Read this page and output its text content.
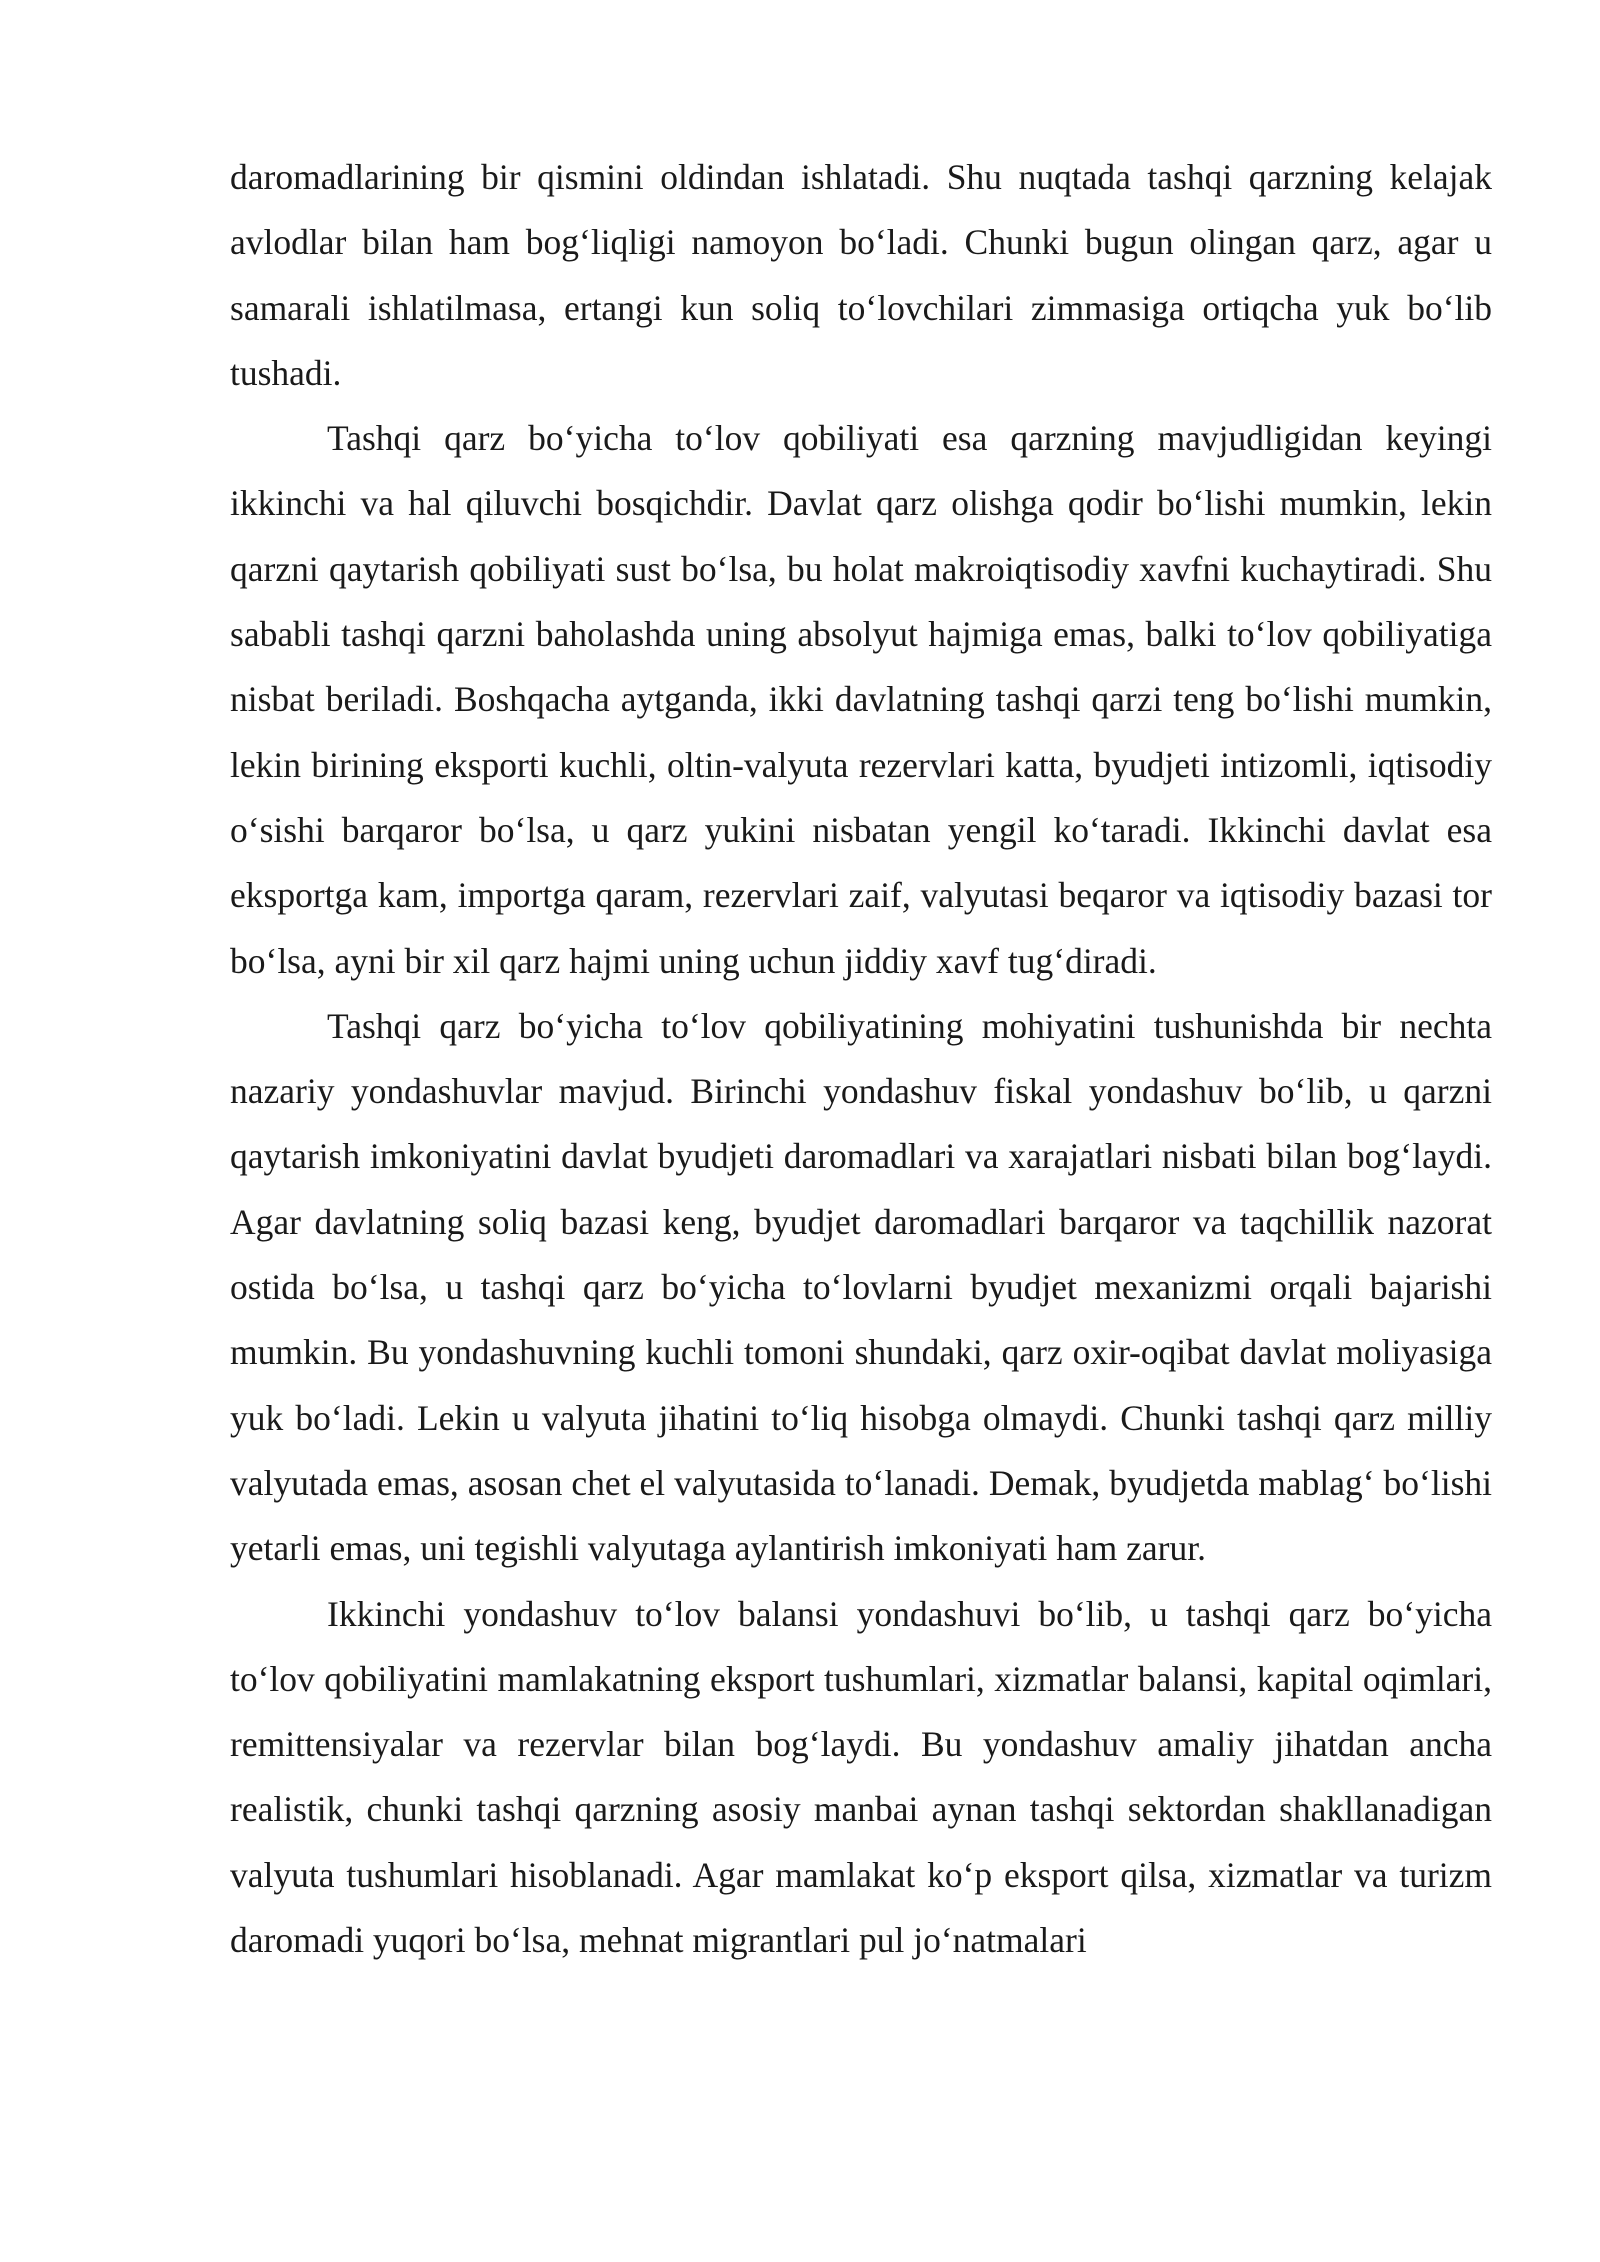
daromadlarining bir qismini oldindan ishlatadi. Shu nuqtada tashqi qarzning kelajak avlodlar bilan ham bog‘liqligi namoyon bo‘ladi. Chunki bugun olingan qarz, agar u samarali ishlatilmasa, ertangi kun soliq to‘lovchilari zimmasiga ortiqcha yuk bo‘lib tushadi.

Tashqi qarz bo‘yicha to‘lov qobiliyati esa qarzning mavjudligidan keyingi ikkinchi va hal qiluvchi bosqichdir. Davlat qarz olishga qodir bo‘lishi mumkin, lekin qarzni qaytarish qobiliyati sust bo‘lsa, bu holat makroiqtisodiy xavfni kuchaytiradi. Shu sababli tashqi qarzni baholashda uning absolyut hajmiga emas, balki to‘lov qobiliyatiga nisbat beriladi. Boshqacha aytganda, ikki davlatning tashqi qarzi teng bo‘lishi mumkin, lekin birining eksporti kuchli, oltin-valyuta rezervlari katta, byudjeti intizomli, iqtisodiy o‘sishi barqaror bo‘lsa, u qarz yukini nisbatan yengil ko‘taradi. Ikkinchi davlat esa eksportga kam, importga qaram, rezervlari zaif, valyutasi beqaror va iqtisodiy bazasi tor bo‘lsa, ayni bir xil qarz hajmi uning uchun jiddiy xavf tug‘diradi.

Tashqi qarz bo‘yicha to‘lov qobiliyatining mohiyatini tushunishda bir nechta nazariy yondashuvlar mavjud. Birinchi yondashuv fiskal yondashuv bo‘lib, u qarzni qaytarish imkoniyatini davlat byudjeti daromadlari va xarajatlari nisbati bilan bog‘laydi. Agar davlatning soliq bazasi keng, byudjet daromadlari barqaror va taqchillik nazorat ostida bo‘lsa, u tashqi qarz bo‘yicha to‘lovlarni byudjet mexanizmi orqali bajarishi mumkin. Bu yondashuvning kuchli tomoni shundaki, qarz oxir-oqibat davlat moliyasiga yuk bo‘ladi. Lekin u valyuta jihatini to‘liq hisobga olmaydi. Chunki tashqi qarz milliy valyutada emas, asosan chet el valyutasida to‘lanadi. Demak, byudjetda mablag‘ bo‘lishi yetarli emas, uni tegishli valyutaga aylantirish imkoniyati ham zarur.

Ikkinchi yondashuv to‘lov balansi yondashuvi bo‘lib, u tashqi qarz bo‘yicha to‘lov qobiliyatini mamlakatning eksport tushumlari, xizmatlar balansi, kapital oqimlari, remittensiyalar va rezervlar bilan bog‘laydi. Bu yondashuv amaliy jihatdan ancha realistik, chunki tashqi qarzning asosiy manbai aynan tashqi sektordan shakllanadigan valyuta tushumlari hisoblanadi. Agar mamlakat ko‘p eksport qilsa, xizmatlar va turizm daromadi yuqori bo‘lsa, mehnat migrantlari pul jo‘natmalari
